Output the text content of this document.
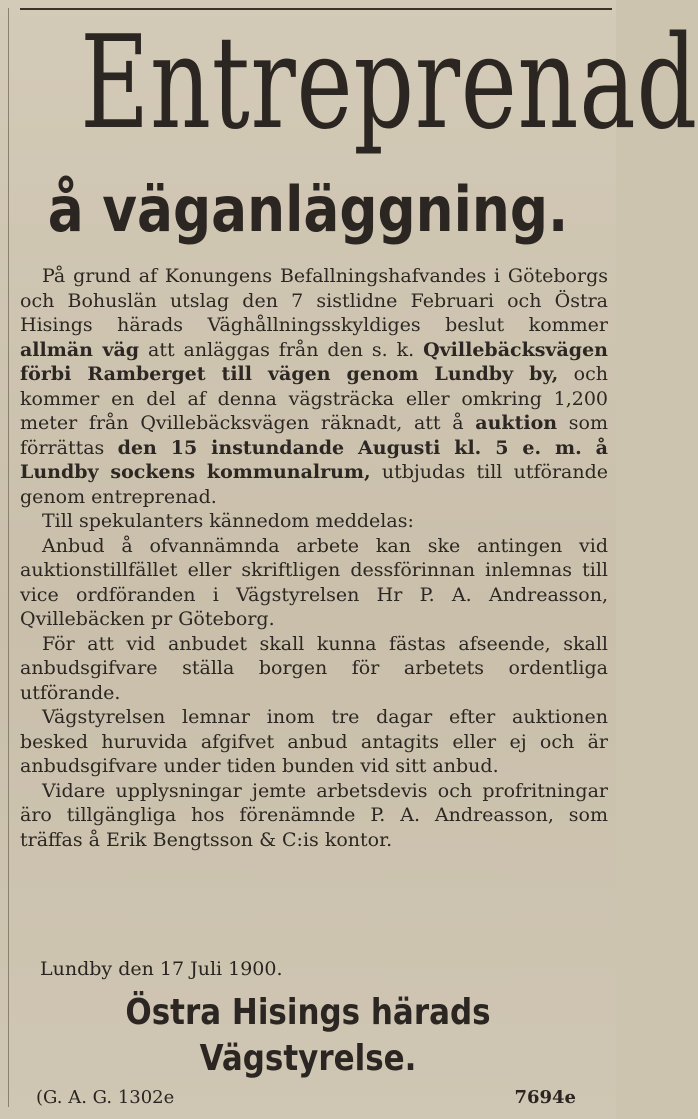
Entreprenad
å väganläggning.

På grund af Konungens Befallningshafvandes i Göteborgs och Bohuslän utslag den 7 sistlidne Februari och Östra Hisings härads Väghållningsskyldiges beslut kommer allmän väg att anläggas från den s. k. Qvillebäcksvägen förbi Ramberget till vägen genom Lundby by, och kommer en del af denna vägsträcka eller omkring 1,200 meter från Qvillebäcksvägen räknadt, att å auktion som förrättas den 15 instundande Augusti kl. 5 e. m. å Lundby sockens kommunalrum, utbjudas till utförande genom entreprenad.

Till spekulanters kännedom meddelas:

Anbud å ofvannämnda arbete kan ske antingen vid auktionstillfället eller skriftligen dessförinnan inlemnas till vice ordföranden i Vägstyrelsen Hr P. A. Andreasson, Qvillebäcken pr Göteborg.

För att vid anbudet skall kunna fästas afseende, skall anbudsgifvare ställa borgen för arbetets ordentliga utförande.

Vägstyrelsen lemnar inom tre dagar efter auktionen besked huruvida afgifvet anbud antagits eller ej och är anbudsgifvare under tiden bunden vid sitt anbud.

Vidare upplysningar jemte arbetsdevis och profritningar äro tillgängliga hos förenämnde P. A. Andreasson, som träffas å Erik Bengtsson & C:is kontor.

Lundby den 17 Juli 1900.
Östra Hisings härads
Vägstyrelse.
(G. A. G. 1302e	7694e
